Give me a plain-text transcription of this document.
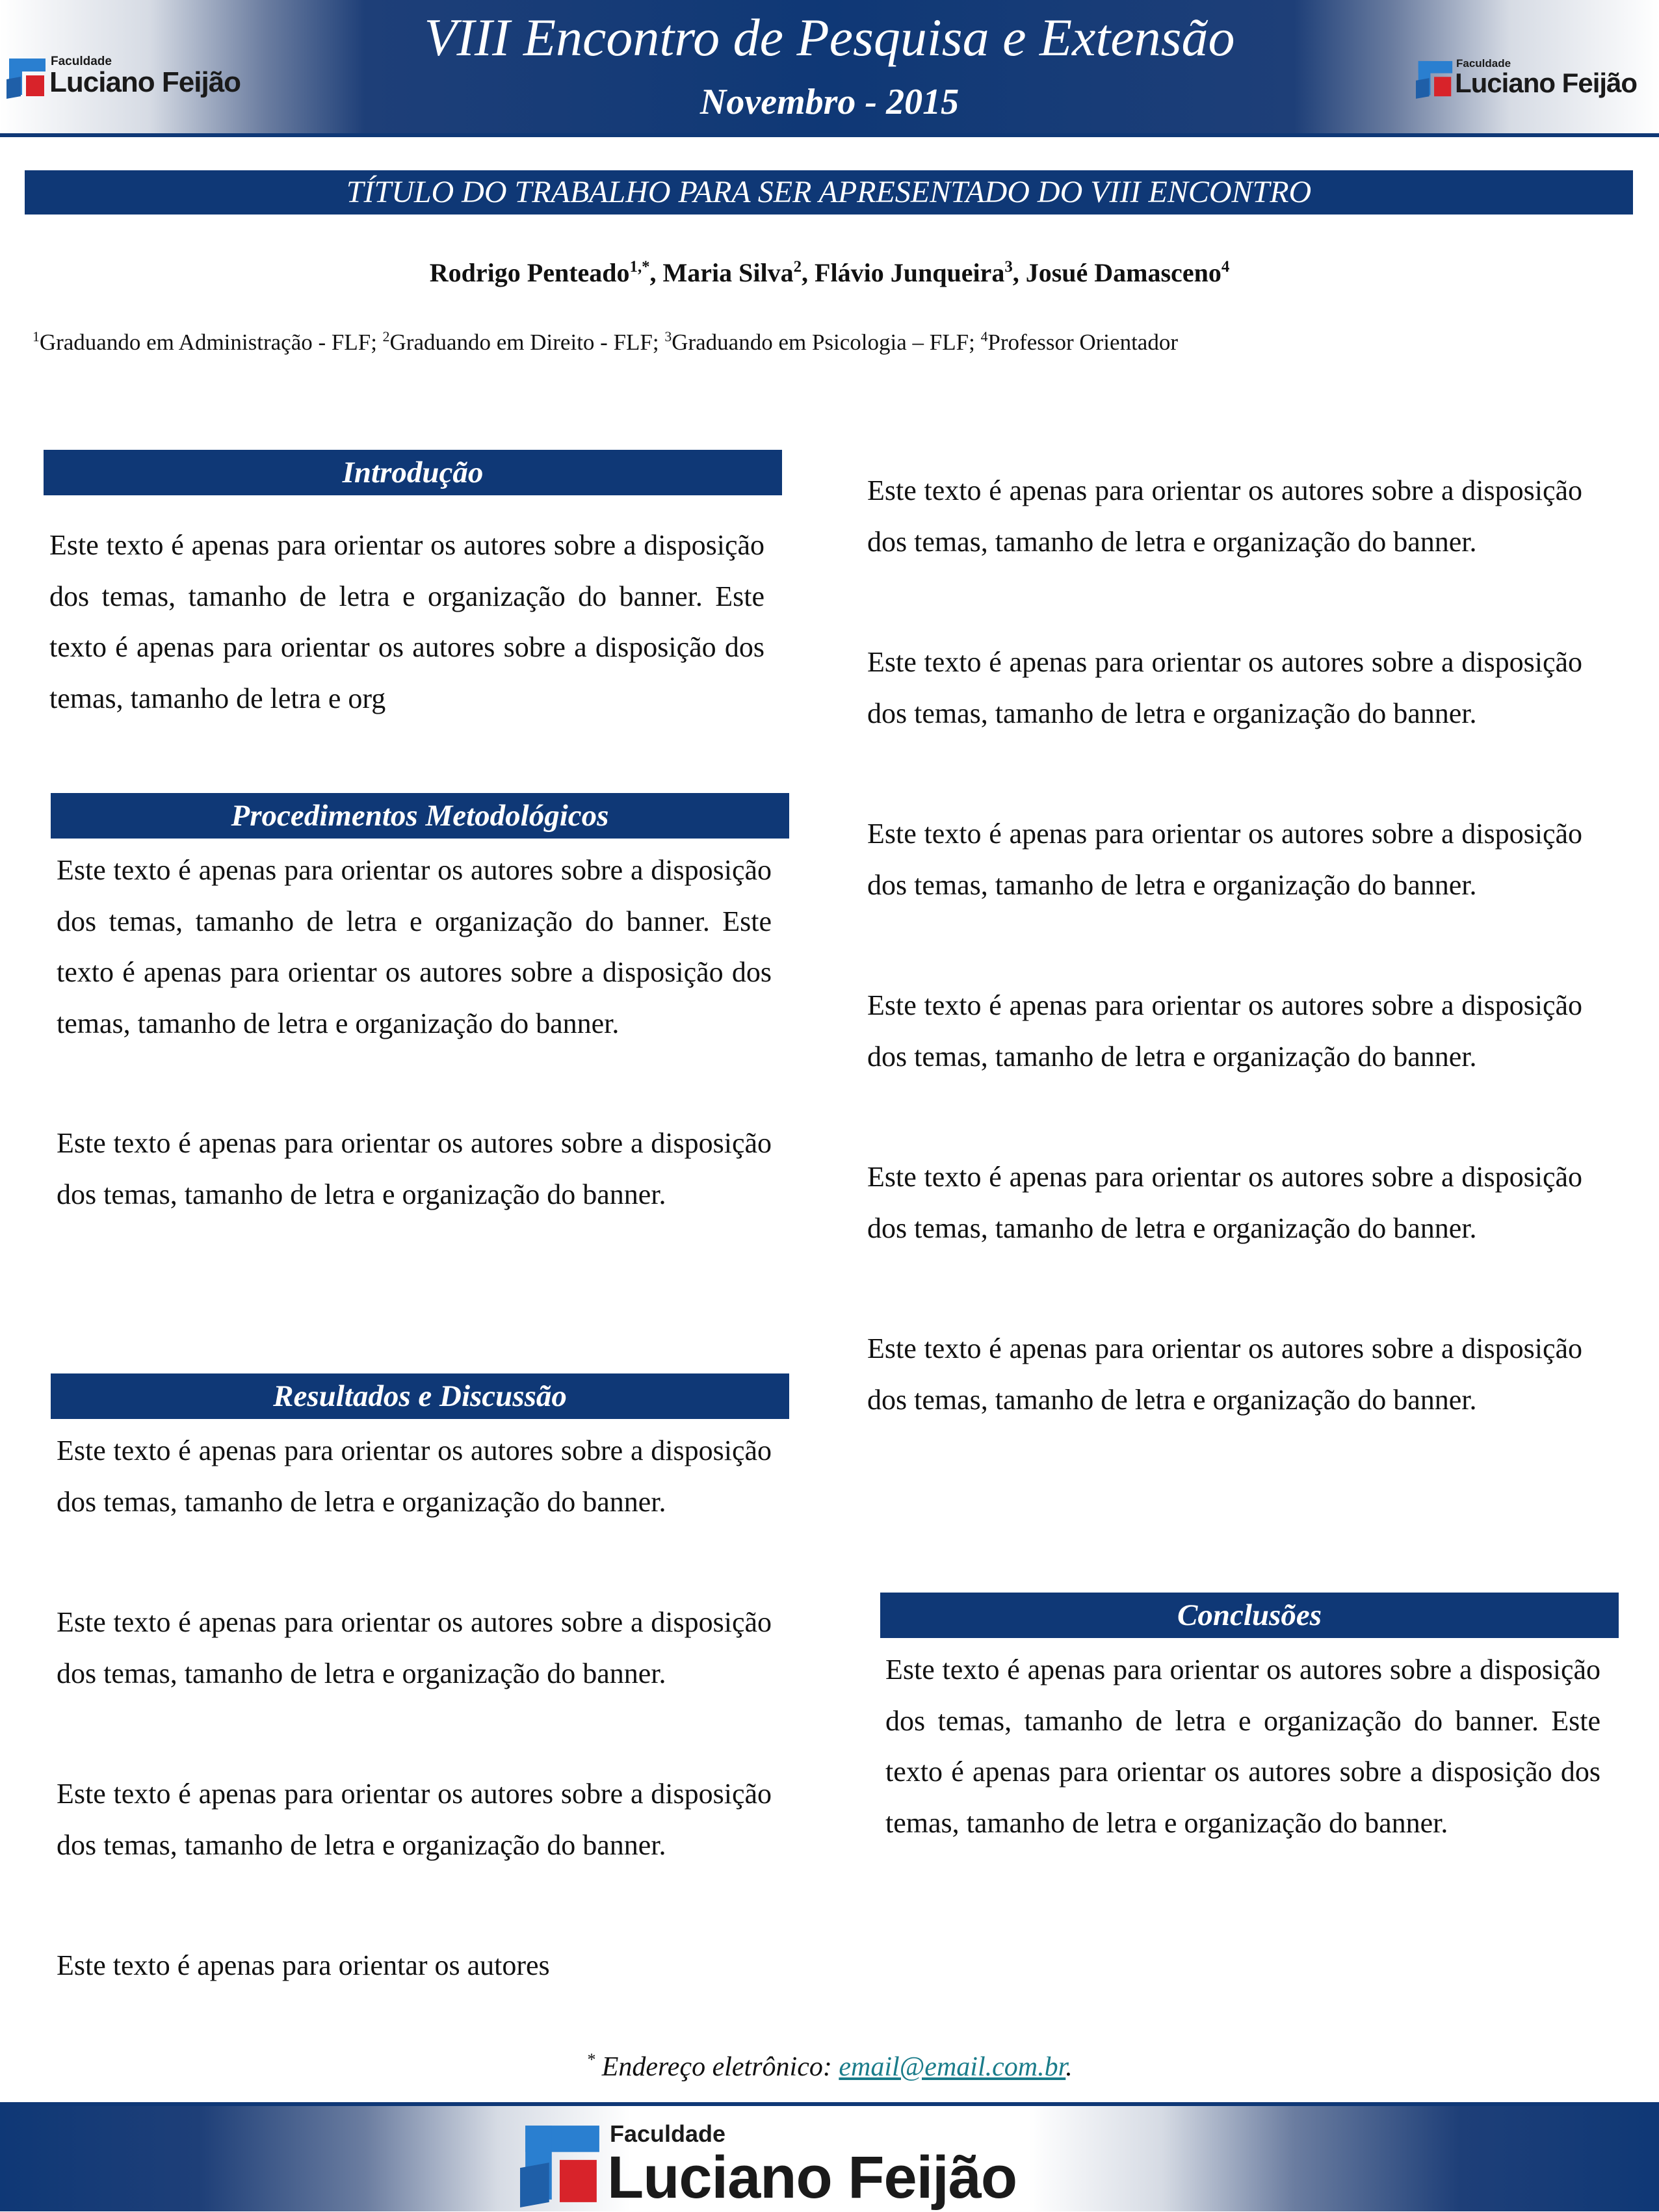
VIII Encontro de Pesquisa e Extensão
Novembro - 2015
Faculdade
Luciano Feijão
Faculdade
Luciano Feijão
TÍTULO DO TRABALHO PARA SER APRESENTADO DO VIII ENCONTRO
Rodrigo Penteado$^{1,*}$, Maria Silva$^2$, Flávio Junqueira$^3$, Josué Damasceno$^4$
$^1$Graduando em Administração - FLF; $^2$Graduando em Direito - FLF; $^3$Graduando em Psicologia – FLF; $^4$Professor Orientador
Introdução

Este texto é apenas para orientar os autores sobre a disposição dos temas, tamanho de letra e organização do banner. Este texto é apenas para orientar os autores sobre a disposição dos temas, tamanho de letra e org

Procedimentos Metodológicos

Este texto é apenas para orientar os autores sobre a disposição dos temas, tamanho de letra e organização do banner. Este texto é apenas para orientar os autores sobre a disposição dos temas, tamanho de letra e organização do banner.

Este texto é apenas para orientar os autores sobre a disposição dos temas, tamanho de letra e organização do banner.

Resultados e Discussão

Este texto é apenas para orientar os autores sobre a disposição dos temas, tamanho de letra e organização do banner.

Este texto é apenas para orientar os autores sobre a disposição dos temas, tamanho de letra e organização do banner.

Este texto é apenas para orientar os autores sobre a disposição dos temas, tamanho de letra e organização do banner.

Este texto é apenas para orientar os autores

Este texto é apenas para orientar os autores sobre a disposição dos temas, tamanho de letra e organização do banner.

Este texto é apenas para orientar os autores sobre a disposição dos temas, tamanho de letra e organização do banner.

Este texto é apenas para orientar os autores sobre a disposição dos temas, tamanho de letra e organização do banner.

Este texto é apenas para orientar os autores sobre a disposição dos temas, tamanho de letra e organização do banner.

Este texto é apenas para orientar os autores sobre a disposição dos temas, tamanho de letra e organização do banner.

Este texto é apenas para orientar os autores sobre a disposição dos temas, tamanho de letra e organização do banner.

Conclusões

Este texto é apenas para orientar os autores sobre a disposição dos temas, tamanho de letra e organização do banner. Este texto é apenas para orientar os autores sobre a disposição dos temas, tamanho de letra e organização do banner.

* Endereço eletrônico: email@email.com.br.
Faculdade
Luciano Feijão
